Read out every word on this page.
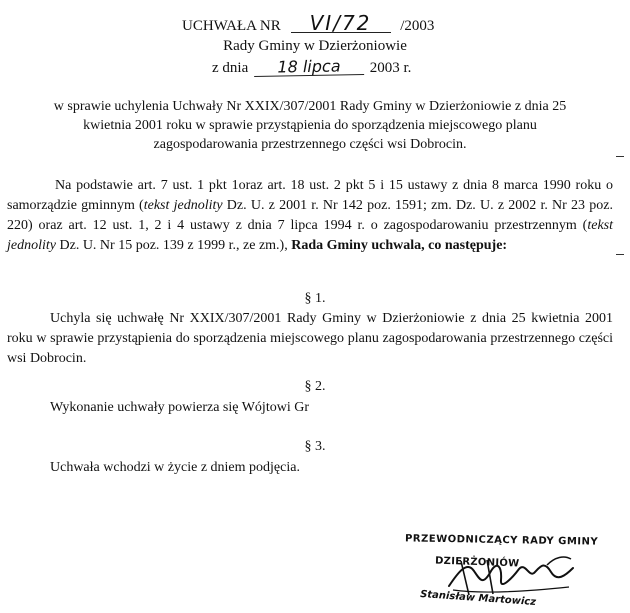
UCHWAŁA NR VI/72 /2003
Rady Gminy w Dzierżoniowie
z dnia 18 lipca 2003 r.
w sprawie uchylenia Uchwały Nr XXIX/307/2001 Rady Gminy w Dzierżoniowie z dnia 25
kwietnia 2001 roku w sprawie przystąpienia do sporządzenia miejscowego planu
zagospodarowania przestrzennego części wsi Dobrocin.
Na podstawie art. 7 ust. 1 pkt 1oraz art. 18 ust. 2 pkt 5 i 15 ustawy z dnia 8 marca 1990 roku o samorządzie gminnym (tekst jednolity Dz. U. z 2001 r. Nr 142 poz. 1591; zm. Dz. U. z 2002 r. Nr 23 poz. 220) oraz art. 12 ust. 1, 2 i 4 ustawy z dnia 7 lipca 1994 r. o zagospodarowaniu przestrzennym (tekst jednolity Dz. U. Nr 15 poz. 139 z 1999 r., ze zm.), Rada Gminy uchwala, co następuje:
§ 1.
Uchyla się uchwałę Nr XXIX/307/2001 Rady Gminy w Dzierżoniowie z dnia 25 kwietnia 2001 roku w sprawie przystąpienia do sporządzenia miejscowego planu zagospodarowania przestrzennego części wsi Dobrocin.
§ 2.
Wykonanie uchwały powierza się Wójtowi Gr
§ 3.
Uchwała wchodzi w życie z dniem podjęcia.
PRZEWODNICZĄCY RADY GMINY
DZIERŻONIÓW
Stanisław Martowicz
